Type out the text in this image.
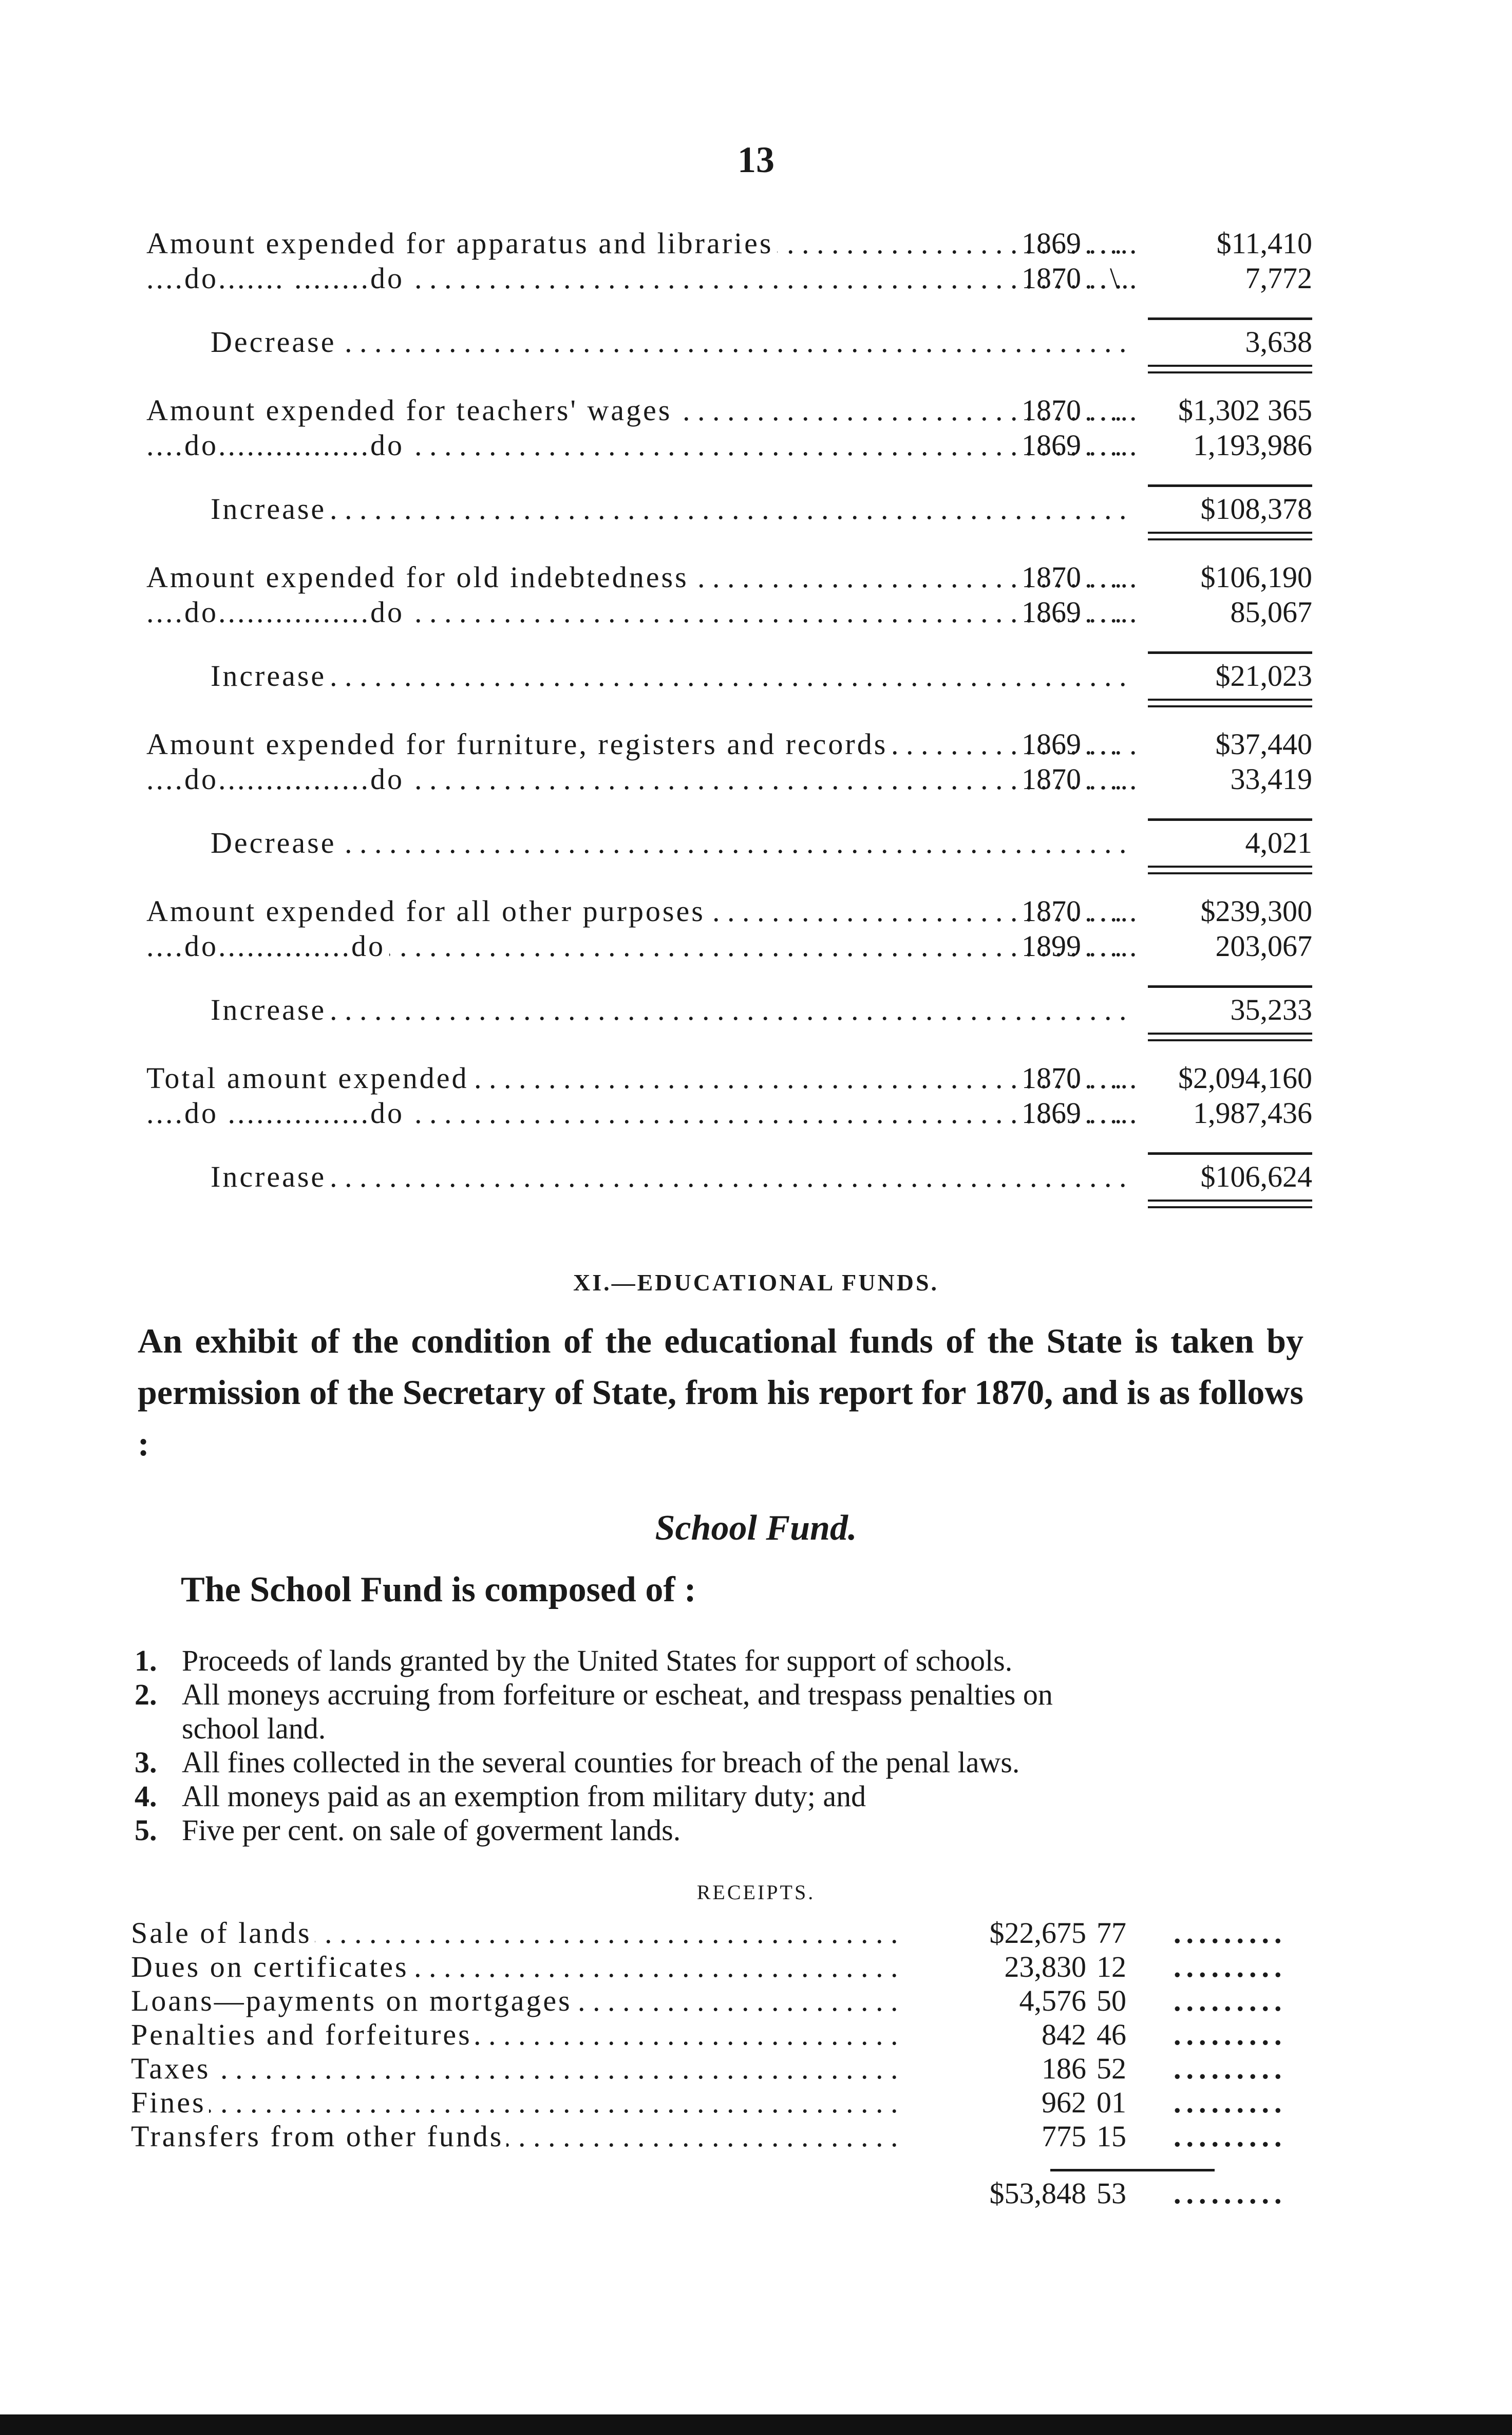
13
Amount expended for apparatus and libraries . . .	1869 ....	$11,410
....do....... ........do . . .	1870 ..\.	7,772
Decrease . . .	3,638
Amount expended for teachers' wages . . .	1870 ....	$1,302 365
....do................do . . .	1869 ....	1,193,986
Increase . . .	$108,378
Amount expended for old indebtedness . . .	1870 ....	$106,190
....do................do . . .	1869 ....	85,067
Increase . . .	$21,023
Amount expended for furniture, registers and records . . .	1869 ...	$37,440
....do................do . . .	1870 ....	33,419
Decrease . . .	4,021
Amount expended for all other purposes . . .	1870 ....	$239,300
....do..............do . . .	1899 ....	203,067
Increase . . .	35,233
Total amount expended . . .	1870 ....	$2,094,160
....do ...............do . . .	1869 ....	1,987,436
Increase . . .	$106,624
XI.—EDUCATIONAL FUNDS.
An exhibit of the condition of the educational funds of the State is taken by permission of the Secretary of State, from his report for 1870, and is as follows :
School Fund.
The School Fund is composed of :
1. Proceeds of lands granted by the United States for support of schools.
2. All moneys accruing from forfeiture or escheat, and trespass penalties on
school land.
3. All fines collected in the several counties for breach of the penal laws.
4. All moneys paid as an exemption from military duty; and
5. Five per cent. on sale of goverment lands.
RECEIPTS.
Sale of lands . . .	$22,675 77	.........
Dues on certificates . . .	23,830 12	.........
Loans—payments on mortgages . . .	4,576 50	.........
Penalties and forfeitures . . .	842 46	.........
Taxes . . .	186 52	.........
Fines . . .	962 01	.........
Transfers from other funds . . .	775 15	.........
$53,848 53	.........
